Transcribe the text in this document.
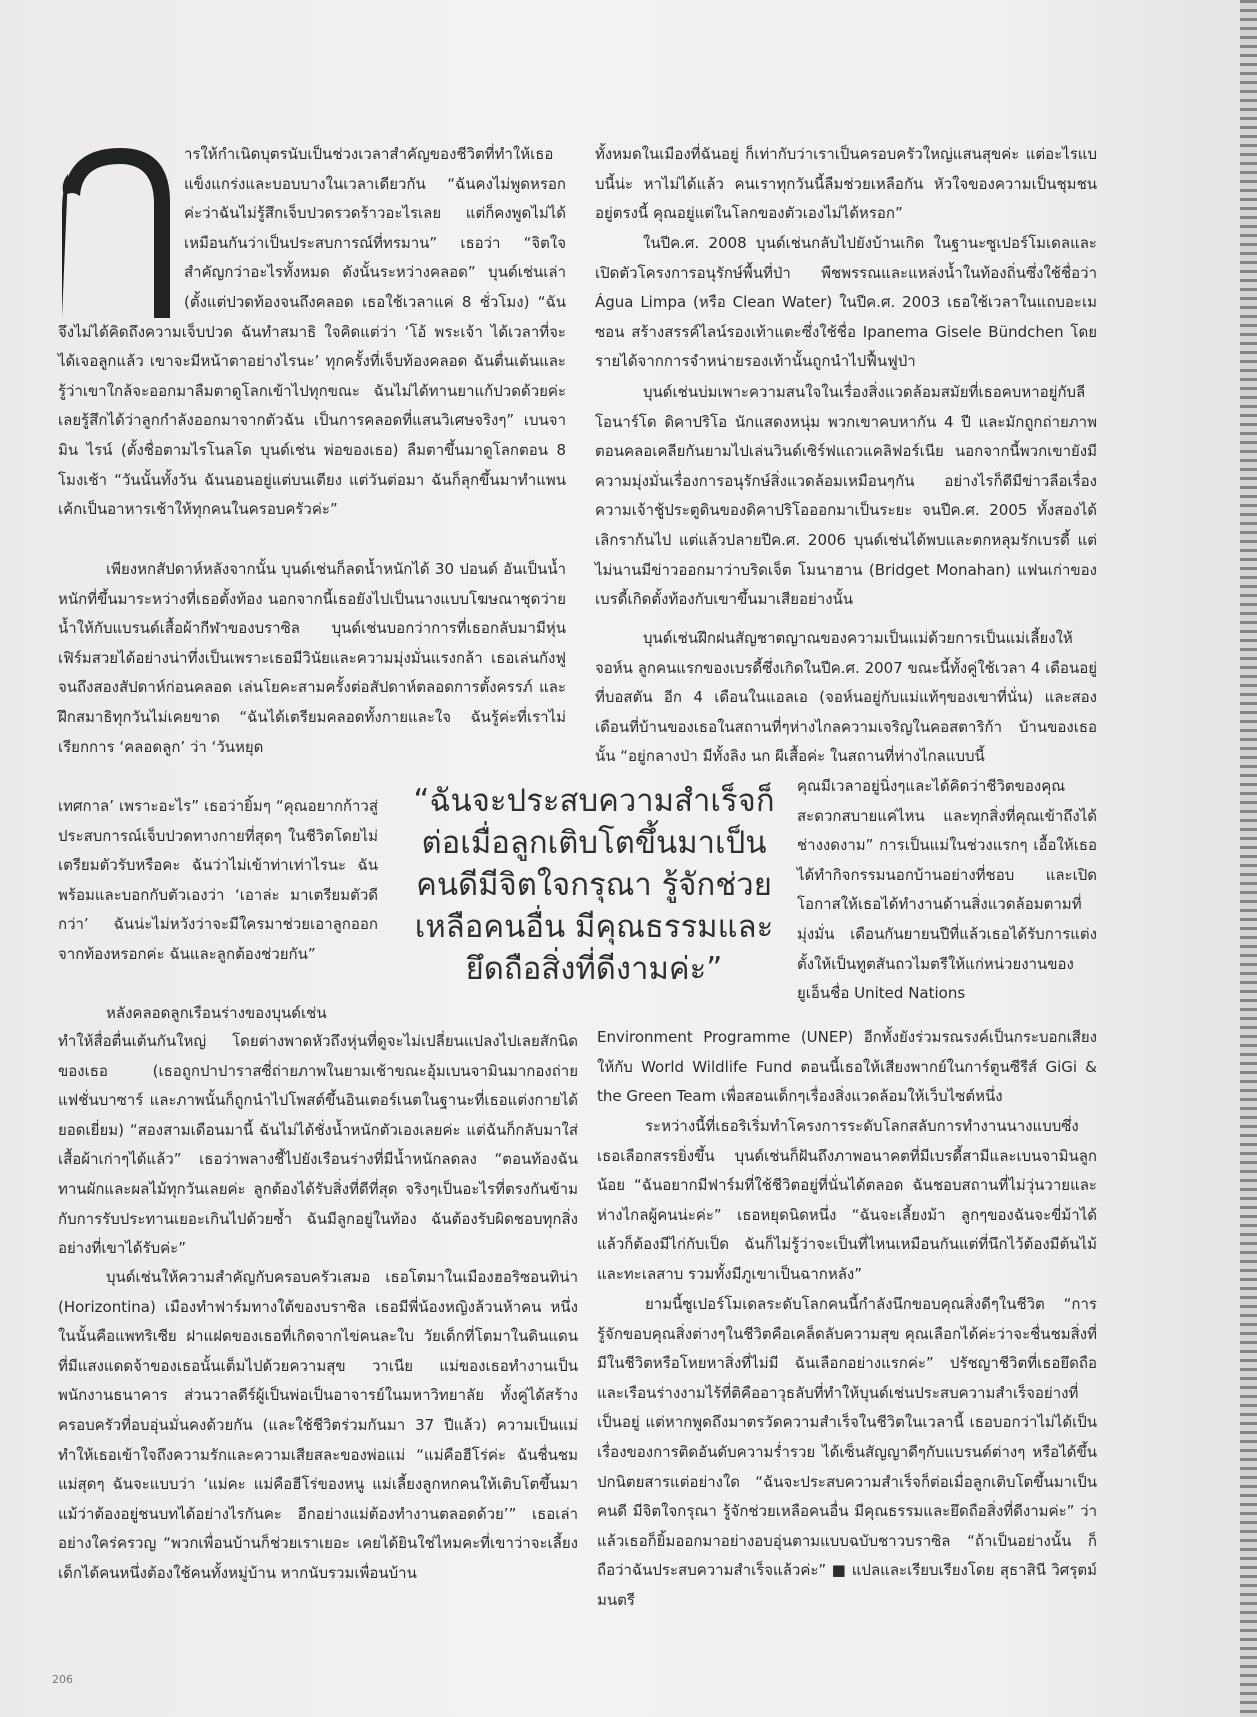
ารให้กำเนิดบุตรนับเป็นช่วงเวลาสำคัญของชีวิตที่ทำให้เธอแข็งแกร่งและบอบบางในเวลาเดียวกัน “ฉันคงไม่พูดหรอกค่ะว่าฉันไม่รู้สึกเจ็บปวดรวดร้าวอะไรเลย แต่ก็คงพูดไม่ได้เหมือนกันว่าเป็นประสบการณ์ที่ทรมาน” เธอว่า “จิตใจสำคัญกว่าอะไรทั้งหมด ดังนั้นระหว่างคลอด” บุนด์เช่นเล่า (ตั้งแต่ปวดท้องจนถึงคลอด เธอใช้เวลาแค่ 8 ชั่วโมง) “ฉันจึงไม่ได้คิดถึงความเจ็บปวด ฉันทำสมาธิ ใจคิดแต่ว่า ‘โอ้ พระเจ้า ได้เวลาที่จะได้เจอลูกแล้ว เขาจะมีหน้าตาอย่างไรนะ’ ทุกครั้งที่เจ็บท้องคลอด ฉันตื่นเต้นและรู้ว่าเขาใกล้จะออกมาลืมตาดูโลกเข้าไปทุกขณะ ฉันไม่ได้ทานยาแก้ปวดด้วยค่ะ เลยรู้สึกได้ว่าลูกกำลังออกมาจากตัวฉัน เป็นการคลอดที่แสนวิเศษจริงๆ” เบนจามิน ไรน์ (ตั้งชื่อตามไรโนลโด บุนด์เช่น พ่อของเธอ) ลืมตาขึ้นมาดูโลกตอน 8 โมงเช้า “วันนั้นทั้งวัน ฉันนอนอยู่แต่บนเตียง แต่วันต่อมา ฉันก็ลุกขึ้นมาทำแพนเค้กเป็นอาหารเช้าให้ทุกคนในครอบครัวค่ะ”

เพียงหกสัปดาห์หลังจากนั้น บุนด์เช่นก็ลดน้ำหนักได้ 30 ปอนด์ อันเป็นน้ำหนักที่ขึ้นมาระหว่างที่เธอตั้งท้อง นอกจากนี้เธอยังไปเป็นนางแบบโฆษณาชุดว่ายน้ำให้กับแบรนด์เสื้อผ้ากีฬาของบราซิล บุนด์เช่นบอกว่าการที่เธอกลับมามีหุ่นเฟิร์มสวยได้อย่างน่าทึ่งเป็นเพราะเธอมีวินัยและความมุ่งมั่นแรงกล้า เธอเล่นกังฟูจนถึงสองสัปดาห์ก่อนคลอด เล่นโยคะสามครั้งต่อสัปดาห์ตลอดการตั้งครรภ์ และฝึกสมาธิทุกวันไม่เคยขาด “ฉันได้เตรียมคลอดทั้งกายและใจ ฉันรู้ค่ะที่เราไม่เรียกการ ‘คลอดลูก’ ว่า ‘วันหยุด

เทศกาล’ เพราะอะไร” เธอว่ายิ้มๆ “คุณอยากก้าวสู่ประสบการณ์เจ็บปวดทางกายที่สุดๆ ในชีวิตโดยไม่เตรียมตัวรับหรือคะ ฉันว่าไม่เข้าท่าเท่าไรนะ ฉันพร้อมและบอกกับตัวเองว่า ‘เอาล่ะ มาเตรียมตัวดีกว่า’ ฉันน่ะไม่หวังว่าจะมีใครมาช่วยเอาลูกออกจากท้องหรอกค่ะ ฉันและลูกต้องช่วยกัน”

หลังคลอดลูกเรือนร่างของบุนด์เช่น

ทำให้สื่อตื่นเต้นกันใหญ่ โดยต่างพาดหัวถึงหุ่นที่ดูจะไม่เปลี่ยนแปลงไปเลยสักนิดของเธอ (เธอถูกปาปาราสซี่ถ่ายภาพในยามเช้าขณะอุ้มเบนจามินมากองถ่ายแฟชั่นบาซาร์ และภาพนั้นก็ถูกนำไปโพสต์ขึ้นอินเตอร์เนตในฐานะที่เธอแต่งกายได้ยอดเยี่ยม) “สองสามเดือนมานี้ ฉันไม่ได้ชั่งน้ำหนักตัวเองเลยค่ะ แต่ฉันก็กลับมาใส่เสื้อผ้าเก่าๆได้แล้ว” เธอว่าพลางชี้ไปยังเรือนร่างที่มีน้ำหนักลดลง “ตอนท้องฉันทานผักและผลไม้ทุกวันเลยค่ะ ลูกต้องได้รับสิ่งที่ดีที่สุด จริงๆเป็นอะไรที่ตรงกันข้ามกับการรับประทานเยอะเกินไปด้วยซ้ำ ฉันมีลูกอยู่ในท้อง ฉันต้องรับผิดชอบทุกสิ่งอย่างที่เขาได้รับค่ะ”

บุนด์เช่นให้ความสำคัญกับครอบครัวเสมอ เธอโตมาในเมืองฮอริซอนทิน่า (Horizontina) เมืองทำฟาร์มทางใต้ของบราซิล เธอมีพี่น้องหญิงล้วนห้าคน หนึ่งในนั้นคือแพทริเซีย ฝาแฝดของเธอที่เกิดจากไข่คนละใบ วัยเด็กที่โตมาในดินแดนที่มีแสงแดดจ้าของเธอนั้นเต็มไปด้วยความสุข วาเนีย แม่ของเธอทำงานเป็นพนักงานธนาคาร ส่วนวาลดีร์ผู้เป็นพ่อเป็นอาจารย์ในมหาวิทยาลัย ทั้งคู่ได้สร้างครอบครัวที่อบอุ่นมั่นคงด้วยกัน (และใช้ชีวิตร่วมกันมา 37 ปีแล้ว) ความเป็นแม่ทำให้เธอเข้าใจถึงความรักและความเสียสละของพ่อแม่ “แม่คือฮีโร่ค่ะ ฉันชื่นชมแม่สุดๆ ฉันจะแบบว่า ‘แม่คะ แม่คือฮีโร่ของหนู แม่เลี้ยงลูกหกคนให้เติบโตขึ้นมาแม้ว่าต้องอยู่ชนบทได้อย่างไรกันคะ อีกอย่างแม่ต้องทำงานตลอดด้วย’” เธอเล่าอย่างใคร่ครวญ “พวกเพื่อนบ้านก็ช่วยเราเยอะ เคยได้ยินใช่ไหมคะที่เขาว่าจะเลี้ยงเด็กได้คนหนึ่งต้องใช้คนทั้งหมู่บ้าน หากนับรวมเพื่อนบ้าน

“ฉันจะประสบความสำเร็จก็ต่อเมื่อลูกเติบโตขึ้นมาเป็นคนดีมีจิตใจกรุณา รู้จักช่วยเหลือคนอื่น มีคุณธรรมและยึดถือสิ่งที่ดีงามค่ะ”

ทั้งหมดในเมืองที่ฉันอยู่ ก็เท่ากับว่าเราเป็นครอบครัวใหญ่แสนสุขค่ะ แต่อะไรแบบนี้น่ะ หาไม่ได้แล้ว คนเราทุกวันนี้ลืมช่วยเหลือกัน หัวใจของความเป็นชุมชนอยู่ตรงนี้ คุณอยู่แต่ในโลกของตัวเองไม่ได้หรอก”

ในปีค.ศ. 2008 บุนด์เช่นกลับไปยังบ้านเกิด ในฐานะซูเปอร์โมเดลและเปิดตัวโครงการอนุรักษ์พื้นที่ป่า พืชพรรณและแหล่งน้ำในท้องถิ่นซึ่งใช้ชื่อว่า Água Limpa (หรือ Clean Water) ในปีค.ศ. 2003 เธอใช้เวลาในแถบอะเมซอน สร้างสรรค์ไลน์รองเท้าแตะซึ่งใช้ชื่อ Ipanema Gisele Bündchen โดยรายได้จากการจำหน่ายรองเท้านั้นถูกนำไปฟื้นฟูป่า

บุนด์เช่นบ่มเพาะความสนใจในเรื่องสิ่งแวดล้อมสมัยที่เธอคบหาอยู่กับลีโอนาร์โด ดิคาปริโอ นักแสดงหนุ่ม พวกเขาคบหากัน 4 ปี และมักถูกถ่ายภาพตอนคลอเคลียกันยามไปเล่นวินด์เซิร์ฟแถวแคลิฟอร์เนีย นอกจากนี้พวกเขายังมีความมุ่งมั่นเรื่องการอนุรักษ์สิ่งแวดล้อมเหมือนๆกัน อย่างไรก็ดีมีข่าวลือเรื่องความเจ้าชู้ประตูดินของดิคาปริโอออกมาเป็นระยะ จนปีค.ศ. 2005 ทั้งสองได้เลิกราก้นไป แต่แล้วปลายปีค.ศ. 2006 บุนด์เช่นได้พบและตกหลุมรักเบรดี้ แต่ไม่นานมีข่าวออกมาว่าบริดเจ็ต โมนาฮาน (Bridget Monahan) แฟนเก่าของเบรดี้เกิดตั้งท้องกับเขาขึ้นมาเสียอย่างนั้น

บุนด์เช่นฝึกฝนสัญชาตญาณของความเป็นแม่ด้วยการเป็นแม่เลี้ยงให้จอห์น ลูกคนแรกของเบรดี้ซึ่งเกิดในปีค.ศ. 2007 ขณะนี้ทั้งคู่ใช้เวลา 4 เดือนอยู่ที่บอสตัน อีก 4 เดือนในแอลเอ (จอห์นอยู่กับแม่แท้ๆของเขาที่นั่น) และสองเดือนที่บ้านของเธอในสถานที่ๆห่างไกลความเจริญในคอสตาริก้า บ้านของเธอนั้น “อยู่กลางป่า มีทั้งลิง นก ผีเสื้อค่ะ ในสถานที่ห่างไกลแบบนี้

คุณมีเวลาอยู่นิ่งๆและได้คิดว่าชีวิตของคุณสะดวกสบายแค่ไหน และทุกสิ่งที่คุณเข้าถึงได้ช่างงดงาม” การเป็นแม่ในช่วงแรกๆ เอื้อให้เธอได้ทำกิจกรรมนอกบ้านอย่างที่ชอบ และเปิดโอกาสให้เธอได้ทำงานด้านสิ่งแวดล้อมตามที่มุ่งมั่น เดือนกันยายนปีที่แล้วเธอได้รับการแต่งตั้งให้เป็นทูตสันถวไมตรีให้แก่หน่วยงานของยูเอ็นชื่อ United Nations

Environment Programme (UNEP) อีกทั้งยังร่วมรณรงค์เป็นกระบอกเสียงให้กับ World Wildlife Fund ตอนนี้เธอให้เสียงพากย์ในการ์ตูนซีรีส์ GiGi & the Green Team เพื่อสอนเด็กๆเรื่องสิ่งแวดล้อมให้เว็บไซต์หนึ่ง

ระหว่างนี้ที่เธอริเริ่มทำโครงการระดับโลกสลับการทำงานนางแบบซึ่งเธอเลือกสรรยิ่งขึ้น บุนด์เช่นก็ฝันถึงภาพอนาคตที่มีเบรดี้สามีและเบนจามินลูกน้อย “ฉันอยากมีฟาร์มที่ใช้ชีวิตอยู่ที่นั่นได้ตลอด ฉันชอบสถานที่ไม่วุ่นวายและห่างไกลผู้คนน่ะค่ะ” เธอหยุดนิดหนึ่ง “ฉันจะเลี้ยงม้า ลูกๆของฉันจะขี่ม้าได้ แล้วก็ต้องมีไก่กับเป็ด ฉันก็ไม่รู้ว่าจะเป็นที่ไหนเหมือนกันแต่ที่นึกไว้ต้องมีต้นไม้และทะเลสาบ รวมทั้งมีภูเขาเป็นฉากหลัง”

ยามนี้ซูเปอร์โมเดลระดับโลกคนนี้กำลังนึกขอบคุณสิ่งดีๆในชีวิต “การรู้จักขอบคุณสิ่งต่างๆในชีวิตคือเคล็ดลับความสุข คุณเลือกได้ค่ะว่าจะชื่นชมสิ่งที่มีในชีวิตหรือโหยหาสิ่งที่ไม่มี ฉันเลือกอย่างแรกค่ะ” ปรัชญาชีวิตที่เธอยึดถือและเรือนร่างงามไร้ที่ติคืออาวุธลับที่ทำให้บุนด์เช่นประสบความสำเร็จอย่างที่เป็นอยู่ แต่หากพูดถึงมาตรวัดความสำเร็จในชีวิตในเวลานี้ เธอบอกว่าไม่ได้เป็นเรื่องของการติดอันดับความร่ำรวย ได้เซ็นสัญญาดีๆกับแบรนด์ต่างๆ หรือได้ขึ้นปกนิตยสารแต่อย่างใด “ฉันจะประสบความสำเร็จก็ต่อเมื่อลูกเติบโตขึ้นมาเป็นคนดี มีจิตใจกรุณา รู้จักช่วยเหลือคนอื่น มีคุณธรรมและยึดถือสิ่งที่ดีงามค่ะ” ว่าแล้วเธอก็ยิ้มออกมาอย่างอบอุ่นตามแบบฉบับชาวบราซิล “ถ้าเป็นอย่างนั้น ก็ถือว่าฉันประสบความสำเร็จแล้วค่ะ” ■ แปลและเรียบเรียงโดย สุธาสินี วิศรุตม์มนตรี

206
